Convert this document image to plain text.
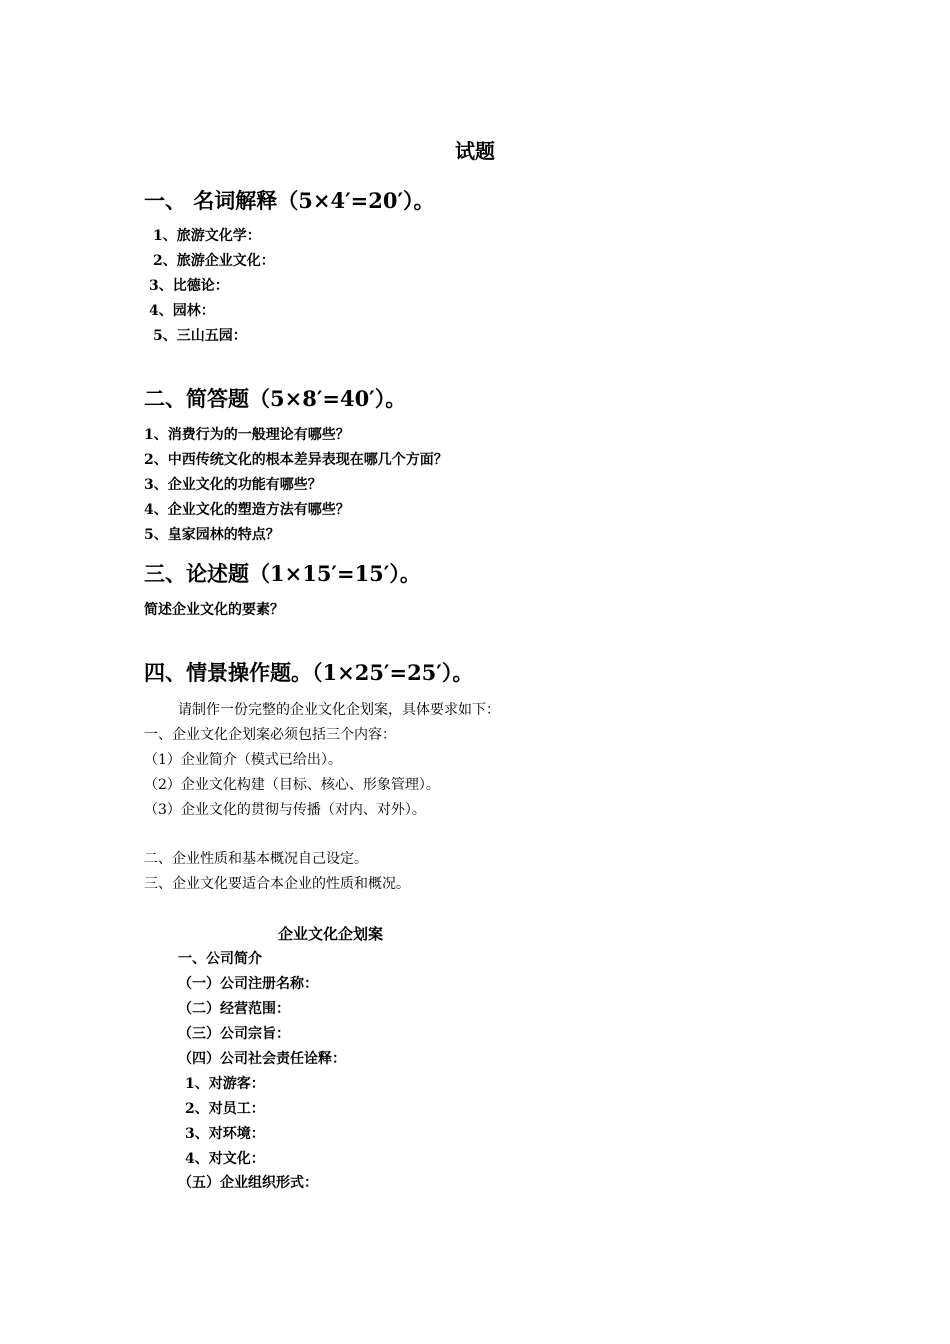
试题
一、 名词解释（5×4′=20′）。
1、旅游文化学：
2、旅游企业文化：
3、比德论：
4、园林：
5、三山五园：
二、简答题（5×8′=40′）。
1、消费行为的一般理论有哪些？
2、中西传统文化的根本差异表现在哪几个方面？
3、企业文化的功能有哪些？
4、企业文化的塑造方法有哪些？
5、皇家园林的特点？
三、论述题（1×15′=15′）。
简述企业文化的要素？
四、情景操作题。（1×25′=25′）。
请制作一份完整的企业文化企划案，具体要求如下：
一、企业文化企划案必须包括三个内容：
（1）企业简介（模式已给出）。
（2）企业文化构建（目标、核心、形象管理）。
（3）企业文化的贯彻与传播（对内、对外）。
二、企业性质和基本概况自己设定。
三、企业文化要适合本企业的性质和概况。
企业文化企划案
一、公司简介
（一）公司注册名称：
（二）经营范围：
（三）公司宗旨：
（四）公司社会责任诠释：
1、对游客：
2、对员工：
3、对环境：
4、对文化：
（五）企业组织形式：
